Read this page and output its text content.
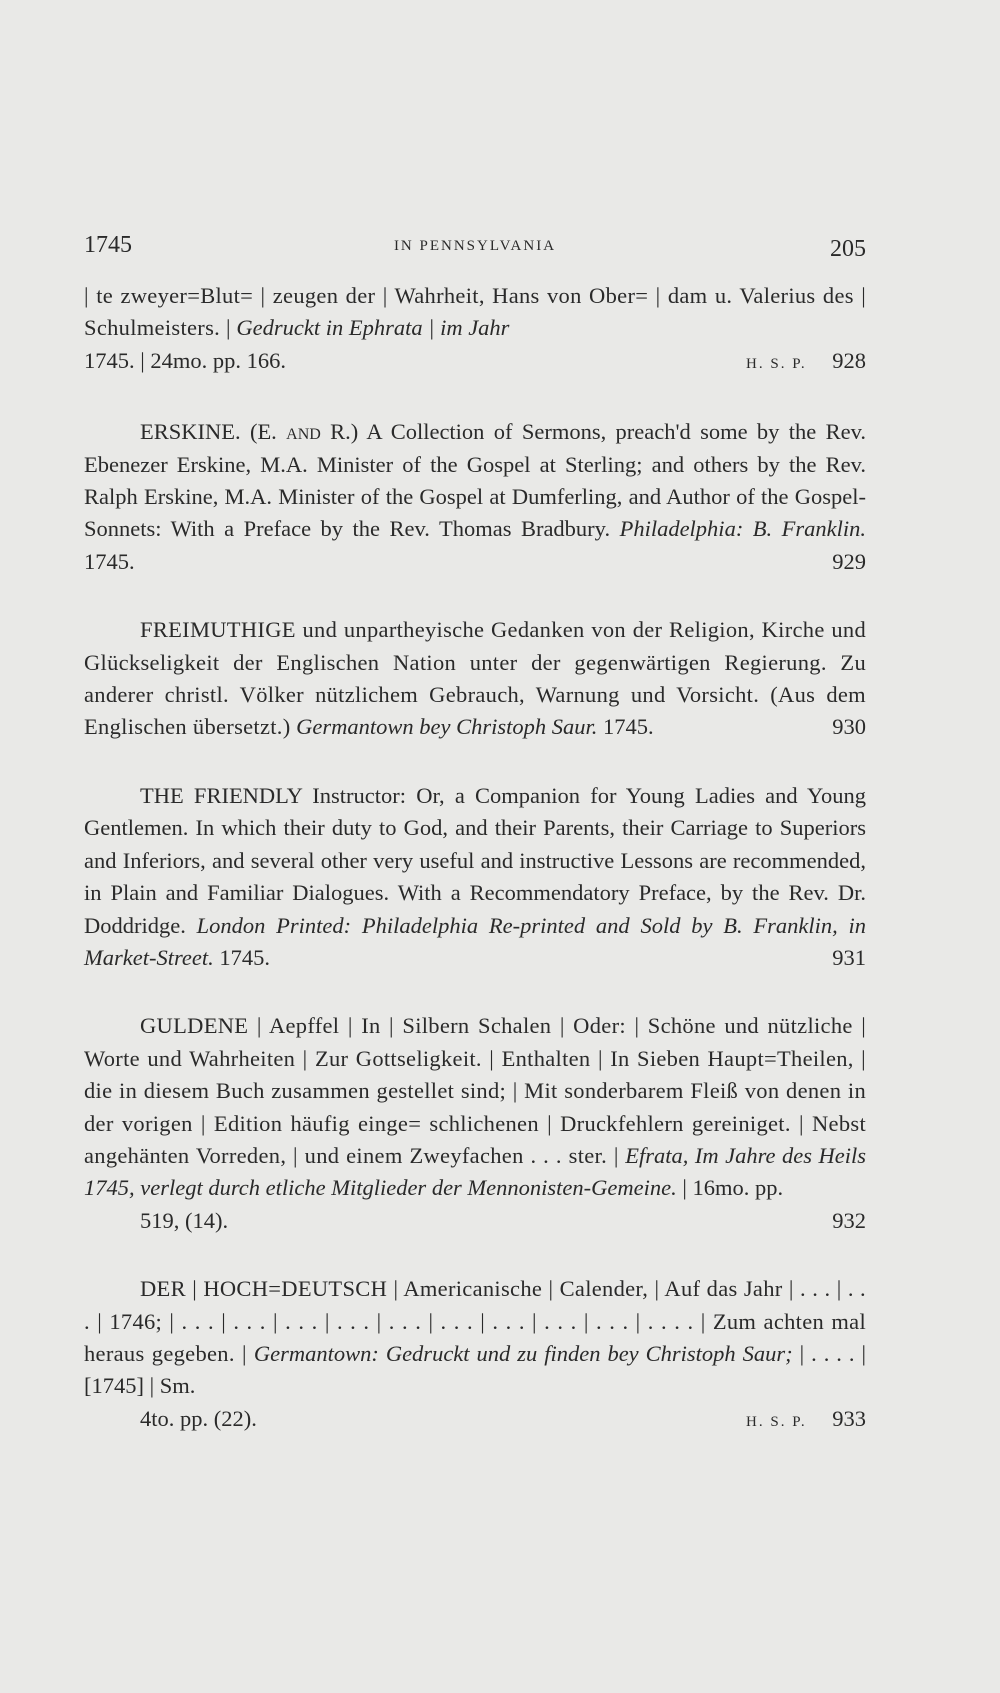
1745	IN PENNSYLVANIA	205

| te zweyer=Blut= | zeugen der | Wahrheit, Hans von Ober= | dam u. Valerius des | Schulmeisters. | Gedruckt in Ephrata | im Jahr
1745. | 24mo. pp. 166.	H. S. P. 928

ERSKINE. (E. and R.) A Collection of Sermons, preach'd some by the Rev. Ebenezer Erskine, M.A. Minister of the Gospel at Sterling; and others by the Rev. Ralph Erskine, M.A. Minister of the Gospel at Dumferling, and Author of the Gospel-Sonnets: With a Preface by the Rev. Thomas Bradbury. Philadelphia: B. Franklin. 1745.	929

FREIMUTHIGE und unpartheyische Gedanken von der Religion, Kirche und Glückseligkeit der Englischen Nation unter der gegenwärtigen Regierung. Zu anderer christl. Völker nützlichem Gebrauch, Warnung und Vorsicht. (Aus dem Englischen übersetzt.) Germantown bey Christoph Saur. 1745.	930

THE FRIENDLY Instructor: Or, a Companion for Young Ladies and Young Gentlemen. In which their duty to God, and their Parents, their Carriage to Superiors and Inferiors, and several other very useful and instructive Lessons are recommended, in Plain and Familiar Dialogues. With a Recommendatory Preface, by the Rev. Dr. Doddridge. London Printed: Philadelphia Re-printed and Sold by B. Franklin, in Market-Street. 1745.	931

GULDENE | Aepffel | In | Silbern Schalen | Oder: | Schöne und nützliche | Worte und Wahrheiten | Zur Gottseligkeit. | Enthalten | In Sieben Haupt=Theilen, | die in diesem Buch zusammen gestellet sind; | Mit sonderbarem Fleiß von denen in der vorigen | Edition häufig einge= schlichenen | Druckfehlern gereiniget. | Nebst angehänten Vorreden, | und einem Zweyfachen . . . ster. | Efrata, Im Jahre des Heils 1745, verlegt durch etliche Mitglieder der Mennonisten-Gemeine. | 16mo. pp.
519, (14).	932

DER | HOCH=DEUTSCH | Americanische | Calender, | Auf das Jahr | . . . | . . . | 1746; | . . . | . . . | . . . | . . . | . . . | . . . | . . . | . . . | . . . | . . . . | Zum achten mal heraus gegeben. | Germantown: Gedruckt und zu finden bey Christoph Saur; | . . . . | [1745] | Sm.
4to. pp. (22).	H. S. P. 933
